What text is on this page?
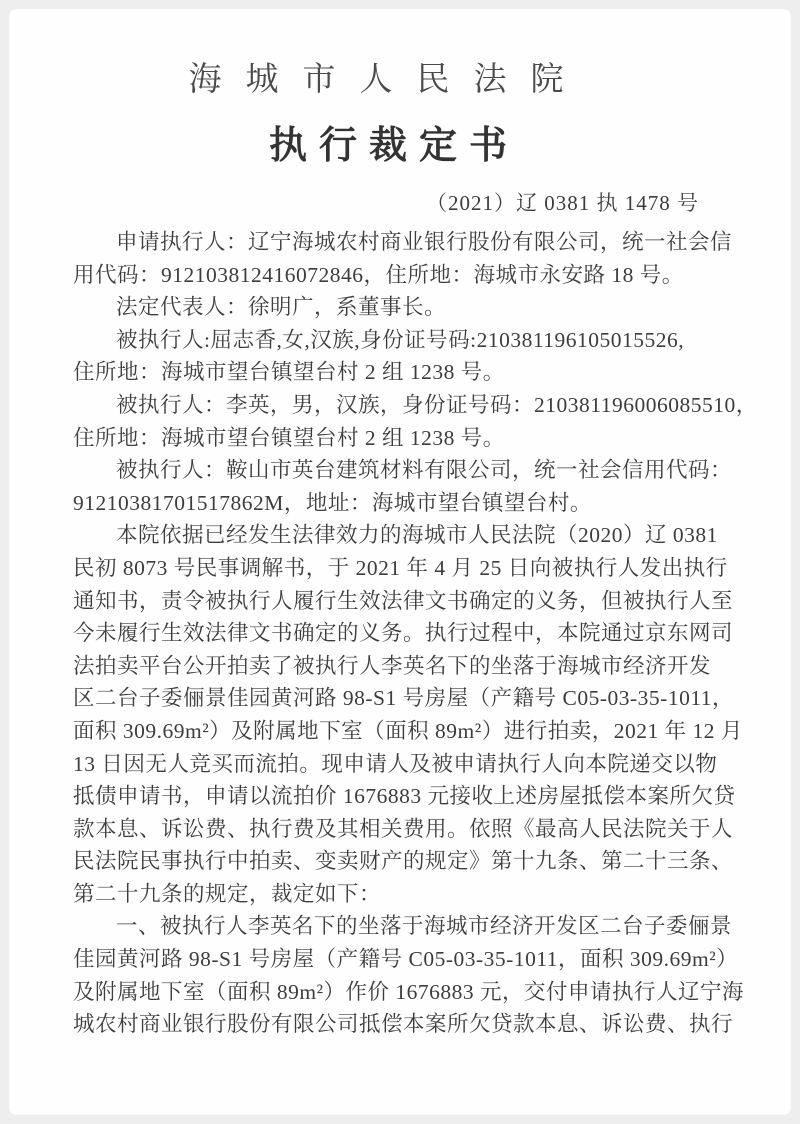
海城市人民法院
执行裁定书
（2021）辽 0381 执 1478 号
申请执行人：辽宁海城农村商业银行股份有限公司，统一社会信
用代码：912103812416072846，住所地：海城市永安路 18 号。
法定代表人：徐明广，系董事长。
被执行人:屈志香,女,汉族,身份证号码:210381196105015526,
住所地：海城市望台镇望台村 2 组 1238 号。
被执行人：李英，男，汉族，身份证号码：210381196006085510，
住所地：海城市望台镇望台村 2 组 1238 号。
被执行人：鞍山市英台建筑材料有限公司，统一社会信用代码：
91210381701517862M，地址：海城市望台镇望台村。
本院依据已经发生法律效力的海城市人民法院（2020）辽 0381
民初 8073 号民事调解书，于 2021 年 4 月 25 日向被执行人发出执行
通知书，责令被执行人履行生效法律文书确定的义务，但被执行人至
今未履行生效法律文书确定的义务。执行过程中，本院通过京东网司
法拍卖平台公开拍卖了被执行人李英名下的坐落于海城市经济开发
区二台子委俪景佳园黄河路 98-S1 号房屋（产籍号 C05-03-35-1011，
面积 309.69m²）及附属地下室（面积 89m²）进行拍卖，2021 年 12 月
13 日因无人竞买而流拍。现申请人及被申请执行人向本院递交以物
抵债申请书，申请以流拍价 1676883 元接收上述房屋抵偿本案所欠贷
款本息、诉讼费、执行费及其相关费用。依照《最高人民法院关于人
民法院民事执行中拍卖、变卖财产的规定》第十九条、第二十三条、
第二十九条的规定，裁定如下：
一、被执行人李英名下的坐落于海城市经济开发区二台子委俪景
佳园黄河路 98-S1 号房屋（产籍号 C05-03-35-1011，面积 309.69m²）
及附属地下室（面积 89m²）作价 1676883 元，交付申请执行人辽宁海
城农村商业银行股份有限公司抵偿本案所欠贷款本息、诉讼费、执行
